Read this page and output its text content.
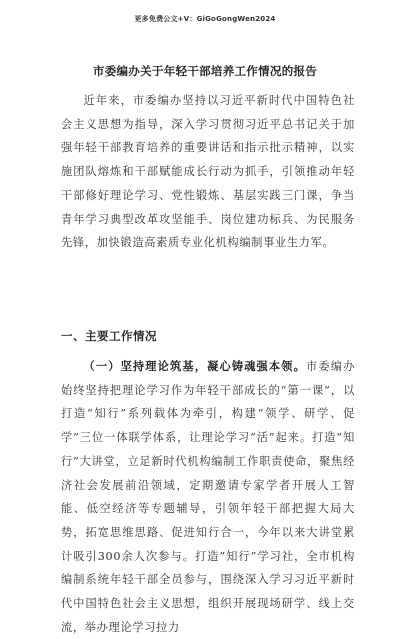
更多免费公文+V：GiGoGongWen2024
市委编办关于年轻干部培养工作情况的报告
近年来，市委编办坚持以习近平新时代中国特色社会主义思想为指导，深入学习贯彻习近平总书记关于加强年轻干部教育培养的重要讲话和指示批示精神，以实施团队熔炼和干部赋能成长行动为抓手，引领推动年轻干部修好理论学习、党性锻炼、基层实践三门课，争当青年学习典型改革攻坚能手、岗位建功标兵、为民服务先锋，加快锻造高素质专业化机构编制事业生力军。
一、主要工作情况
（一）坚持理论筑基，凝心铸魂强本领。市委编办始终坚持把理论学习作为年轻干部成长的“第一课”，以打造“知行”系列载体为牵引，构建“领学、研学、促学”三位一体联学体系，让理论学习“活”起来。打造“知行”大讲堂，立足新时代机构编制工作职责使命，聚焦经济社会发展前沿领域，定期邀请专家学者开展人工智能、低空经济等专题辅导，引领年轻干部把握大局大势，拓宽思维思路、促进知行合一，今年以来大讲堂累计吸引300余人次参与。打造“知行”学习社，全市机构编制系统年轻干部全员参与，围绕深入学习习近平新时代中国特色社会主义思想，组织开展现场研学、线上交流，举办理论学习拉力
